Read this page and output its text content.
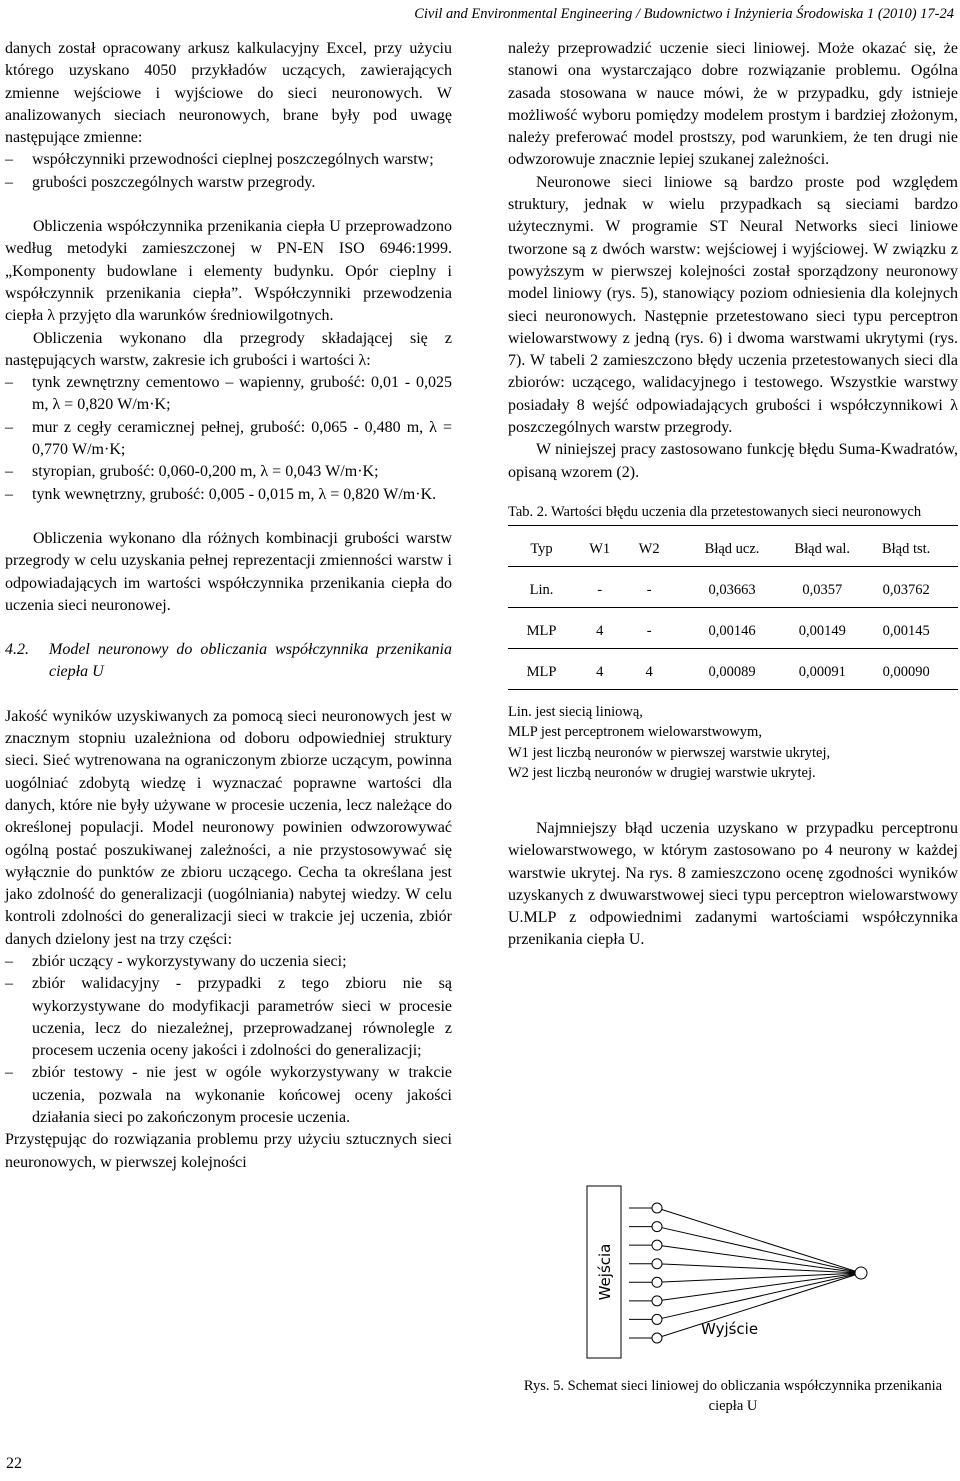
Civil and Environmental Engineering / Budownictwo i Inżynieria Środowiska 1 (2010) 17-24

danych został opracowany arkusz kalkulacyjny Excel, przy użyciu którego uzyskano 4050 przykładów uczących, zawierających zmienne wejściowe i wyjściowe do sieci neuronowych. W analizowanych sieciach neuronowych, brane były pod uwagę następujące zmienne:

– współczynniki przewodności cieplnej poszczególnych warstw;
– grubości poszczególnych warstw przegrody.

Obliczenia współczynnika przenikania ciepła U przeprowadzono według metodyki zamieszczonej w PN-EN ISO 6946:1999. „Komponenty budowlane i elementy budynku. Opór cieplny i współczynnik przenikania ciepła”. Współczynniki przewodzenia ciepła λ przyjęto dla warunków średniowilgotnych.

Obliczenia wykonano dla przegrody składającej się z następujących warstw, zakresie ich grubości i wartości λ:

– tynk zewnętrzny cementowo – wapienny, grubość: 0,01 - 0,025 m, λ = 0,820 W/m·K;
– mur z cegły ceramicznej pełnej, grubość: 0,065 - 0,480 m, λ = 0,770 W/m·K;
– styropian, grubość: 0,060-0,200 m, λ = 0,043 W/m·K;
– tynk wewnętrzny, grubość: 0,005 - 0,015 m, λ = 0,820 W/m·K.

Obliczenia wykonano dla różnych kombinacji grubości warstw przegrody w celu uzyskania pełnej reprezentacji zmienności warstw i odpowiadających im wartości współczynnika przenikania ciepła do uczenia sieci neuronowej.

4.2. Model neuronowy do obliczania współczynnika przenikania ciepła U

Jakość wyników uzyskiwanych za pomocą sieci neuronowych jest w znacznym stopniu uzależniona od doboru odpowiedniej struktury sieci. Sieć wytrenowana na ograniczonym zbiorze uczącym, powinna uogólniać zdobytą wiedzę i wyznaczać poprawne wartości dla danych, które nie były używane w procesie uczenia, lecz należące do określonej populacji. Model neuronowy powinien odwzorowywać ogólną postać poszukiwanej zależności, a nie przystosowywać się wyłącznie do punktów ze zbioru uczącego. Cecha ta określana jest jako zdolność do generalizacji (uogólniania) nabytej wiedzy. W celu kontroli zdolności do generalizacji sieci w trakcie jej uczenia, zbiór danych dzielony jest na trzy części:

– zbiór uczący - wykorzystywany do uczenia sieci;
– zbiór walidacyjny - przypadki z tego zbioru nie są wykorzystywane do modyfikacji parametrów sieci w procesie uczenia, lecz do niezależnej, przeprowadzanej równolegle z procesem uczenia oceny jakości i zdolności do generalizacji;
– zbiór testowy - nie jest w ogóle wykorzystywany w trakcie uczenia, pozwala na wykonanie końcowej oceny jakości działania sieci po zakończonym procesie uczenia.

Przystępując do rozwiązania problemu przy użyciu sztucznych sieci neuronowych, w pierwszej kolejności

należy przeprowadzić uczenie sieci liniowej. Może okazać się, że stanowi ona wystarczająco dobre rozwiązanie problemu. Ogólna zasada stosowana w nauce mówi, że w przypadku, gdy istnieje możliwość wyboru pomiędzy modelem prostym i bardziej złożonym, należy preferować model prostszy, pod warunkiem, że ten drugi nie odwzorowuje znacznie lepiej szukanej zależności.

Neuronowe sieci liniowe są bardzo proste pod względem struktury, jednak w wielu przypadkach są sieciami bardzo użytecznymi. W programie ST Neural Networks sieci liniowe tworzone są z dwóch warstw: wejściowej i wyjściowej. W związku z powyższym w pierwszej kolejności został sporządzony neuronowy model liniowy (rys. 5), stanowiący poziom odniesienia dla kolejnych sieci neuronowych. Następnie przetestowano sieci typu perceptron wielowarstwowy z jedną (rys. 6) i dwoma warstwami ukrytymi (rys. 7). W tabeli 2 zamieszczono błędy uczenia przetestowanych sieci dla zbiorów: uczącego, walidacyjnego i testowego. Wszystkie warstwy posiadały 8 wejść odpowiadających grubości i współczynnikowi λ poszczególnych warstw przegrody.

W niniejszej pracy zastosowano funkcję błędu Suma-Kwadratów, opisaną wzorem (2).

Tab. 2. Wartości błędu uczenia dla przetestowanych sieci neuronowych
Typ	W1	W2	Błąd ucz.	Błąd wal.	Błąd tst.
Lin.	-	-	0,03663	0,0357	0,03762
MLP	4	-	0,00146	0,00149	0,00145
MLP	4	4	0,00089	0,00091	0,00090
Lin. jest siecią liniową,
MLP jest perceptronem wielowarstwowym,
W1 jest liczbą neuronów w pierwszej warstwie ukrytej,
W2 jest liczbą neuronów w drugiej warstwie ukrytej.

Najmniejszy błąd uczenia uzyskano w przypadku perceptronu wielowarstwowego, w którym zastosowano po 4 neurony w każdej warstwie ukrytej. Na rys. 8 zamieszczono ocenę zgodności wyników uzyskanych z dwuwarstwowej sieci typu perceptron wielowarstwowy U.MLP z odpowiednimi zadanymi wartościami współczynnika przenikania ciepła U.

Wejścia
Wyjście
Rys. 5. Schemat sieci liniowej do obliczania współczynnika przenikania ciepła U
22
